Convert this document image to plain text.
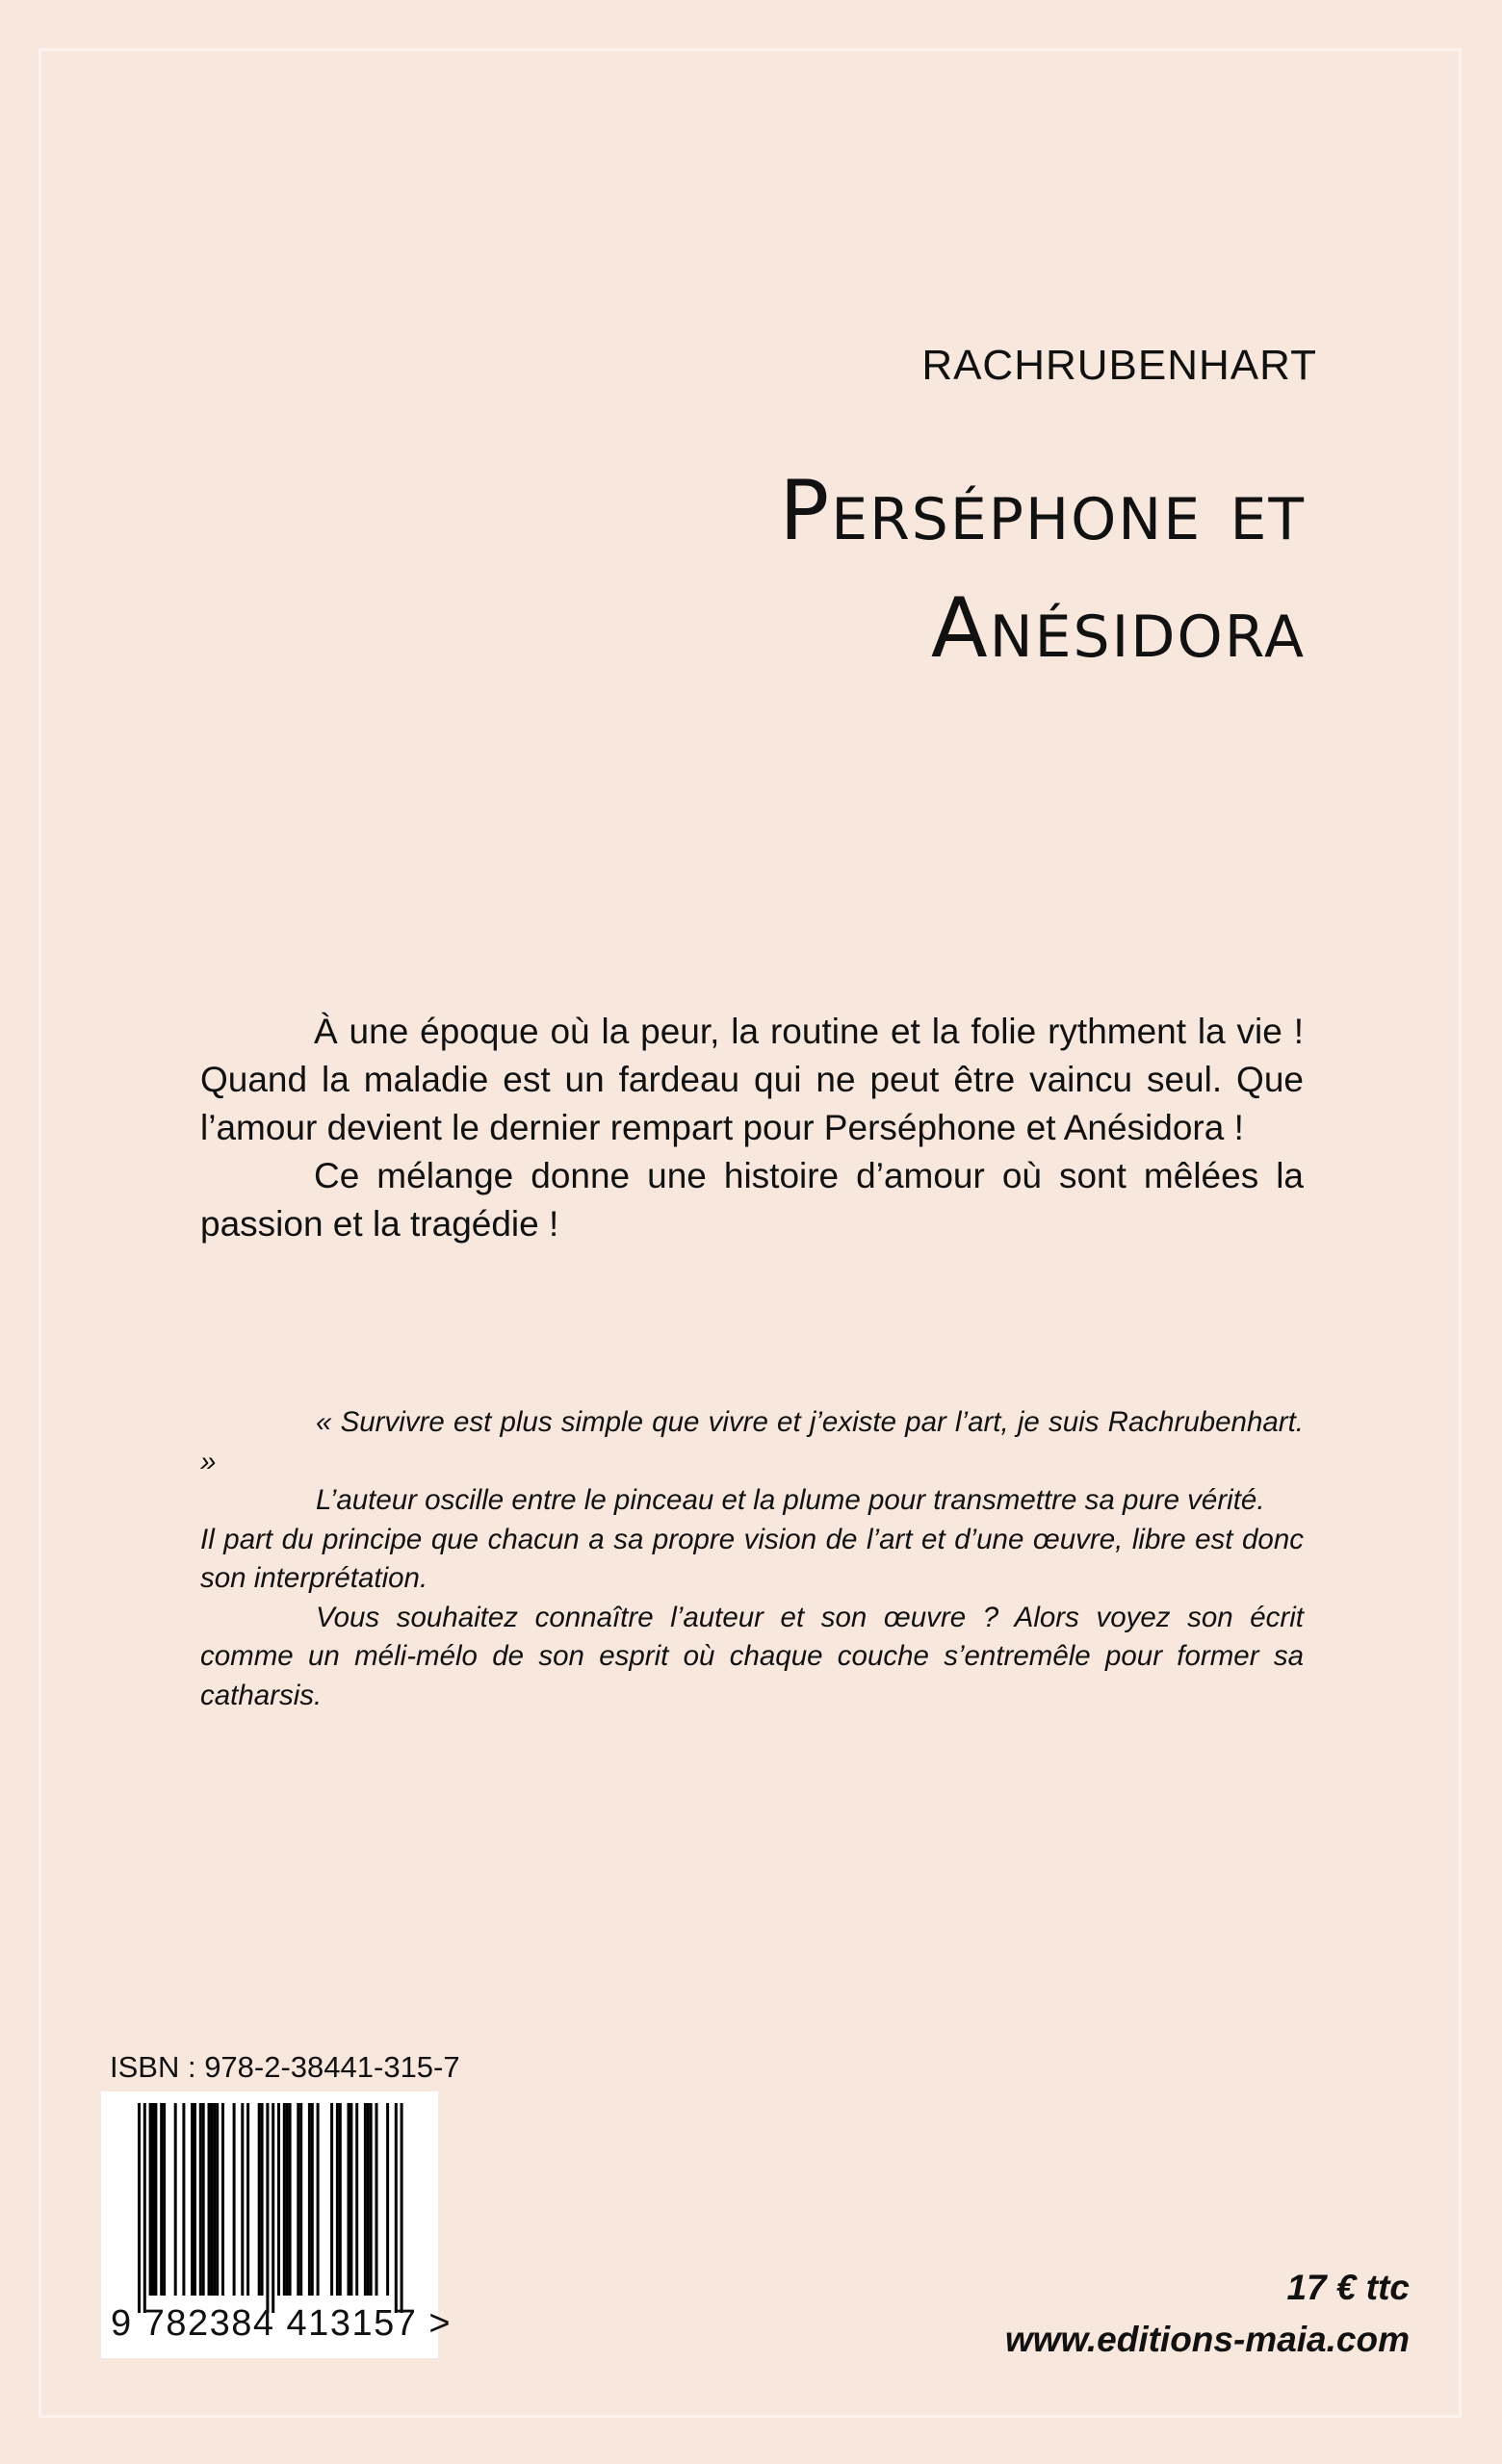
RACHRUBENHART
Perséphone et
Anésidora

À une époque où la peur, la routine et la folie rythment la vie ! Quand la maladie est un fardeau qui ne peut être vaincu seul. Que l’amour devient le dernier rempart pour Perséphone et Anésidora !

Ce mélange donne une histoire d’amour où sont mêlées la passion et la tragédie !

« Survivre est plus simple que vivre et j’existe par l’art, je suis Rachrubenhart. »

L’auteur oscille entre le pinceau et la plume pour transmettre sa pure vérité.

Il part du principe que chacun a sa propre vision de l’art et d’une œuvre, libre est donc son interprétation.

Vous souhaitez connaître l’auteur et son œuvre ? Alors voyez son écrit comme un méli-mélo de son esprit où chaque couche s’entremêle pour former sa catharsis.

ISBN : 978-2-38441-315-7
9 782384 413157 >
17 € ttc
www.editions-maia.com
